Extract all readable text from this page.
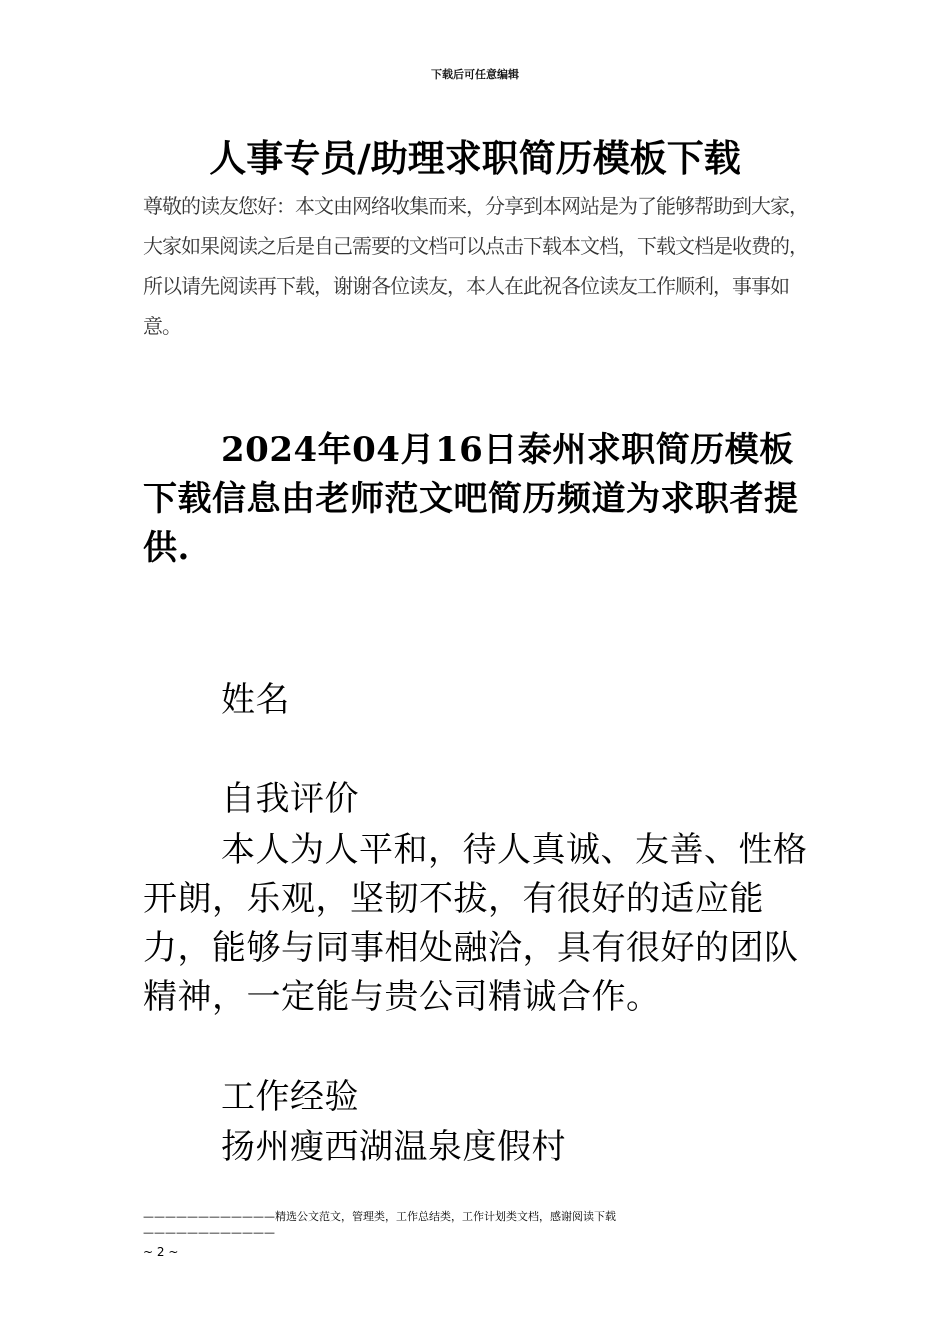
下载后可任意编辑
人事专员/助理求职简历模板下载
尊敬的读友您好：本文由网络收集而来，分享到本网站是为了能够帮助到大家，大家如果阅读之后是自己需要的文档可以点击下载本文档，下载文档是收费的，所以请先阅读再下载，谢谢各位读友，本人在此祝各位读友工作顺利，事事如意。
2024年04月16日泰州求职简历模板下载信息由老师范文吧简历频道为求职者提供.
姓名
自我评价
本人为人平和，待人真诚、友善、性格开朗，乐观，坚韧不拔，有很好的适应能力，能够与同事相处融洽，具有很好的团队精神，一定能与贵公司精诚合作。
工作经验
扬州瘦西湖温泉度假村
————————————精选公文范文，管理类，工作总结类，工作计划类文档，感谢阅读下载————————————
~ 2 ~
